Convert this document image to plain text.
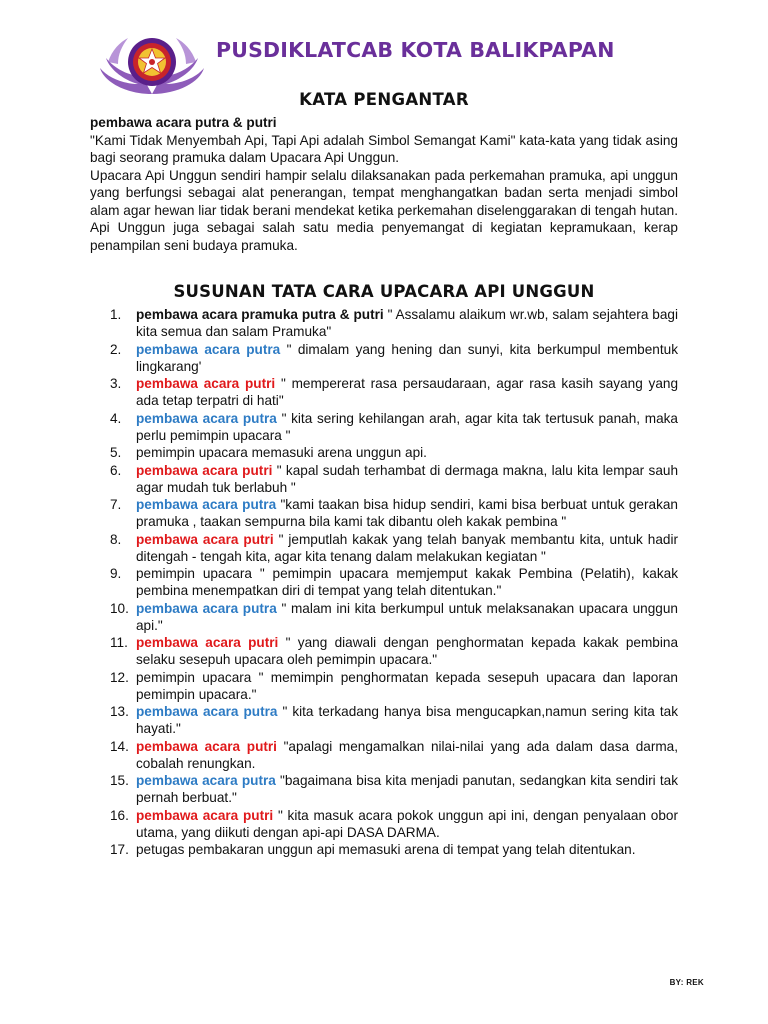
PUSDIKLATCAB KOTA BALIKPAPAN
KATA PENGANTAR

pembawa acara putra & putri

"Kami Tidak Menyembah Api, Tapi Api adalah Simbol Semangat Kami" kata-kata yang tidak asing bagi seorang pramuka dalam Upacara Api Unggun.

Upacara Api Unggun sendiri hampir selalu dilaksanakan pada perkemahan pramuka, api unggun yang berfungsi sebagai alat penerangan, tempat menghangatkan badan serta menjadi simbol alam agar hewan liar tidak berani mendekat ketika perkemahan diselenggarakan di tengah hutan. Api Unggun juga sebagai salah satu media penyemangat di kegiatan kepramukaan, kerap penampilan seni budaya pramuka.

SUSUNAN TATA CARA UPACARA API UNGGUN
1. pembawa acara pramuka putra & putri " Assalamu alaikum wr.wb, salam sejahtera bagi kita semua dan salam Pramuka"
2. pembawa acara putra " dimalam yang hening dan sunyi, kita berkumpul membentuk lingkarang'
3. pembawa acara putri " mempererat rasa persaudaraan, agar rasa kasih sayang yang ada tetap terpatri di hati"
4. pembawa acara putra " kita sering kehilangan arah, agar kita tak tertusuk panah, maka perlu pemimpin upacara "
5. pemimpin upacara memasuki arena unggun api.
6. pembawa acara putri " kapal sudah terhambat di dermaga makna, lalu kita lempar sauh agar mudah tuk berlabuh "
7. pembawa acara putra "kami taakan bisa hidup sendiri, kami bisa berbuat untuk gerakan pramuka , taakan sempurna bila kami tak dibantu oleh kakak pembina "
8. pembawa acara putri " jemputlah kakak yang telah banyak membantu kita, untuk hadir ditengah - tengah kita, agar kita tenang dalam melakukan kegiatan "
9. pemimpin upacara " pemimpin upacara memjemput kakak Pembina (Pelatih), kakak pembina menempatkan diri di tempat yang telah ditentukan."
10. pembawa acara putra " malam ini kita berkumpul untuk melaksanakan upacara unggun api."
11. pembawa acara putri " yang diawali dengan penghormatan kepada kakak pembina selaku sesepuh upacara oleh pemimpin upacara."
12. pemimpin upacara " memimpin penghormatan kepada sesepuh upacara dan laporan pemimpin upacara."
13. pembawa acara putra " kita terkadang hanya bisa mengucapkan,namun sering kita tak hayati."
14. pembawa acara putri "apalagi mengamalkan nilai-nilai yang ada dalam dasa darma, cobalah renungkan.
15. pembawa acara putra "bagaimana bisa kita menjadi panutan, sedangkan kita sendiri tak pernah berbuat."
16. pembawa acara putri " kita masuk acara pokok unggun api ini, dengan penyalaan obor utama, yang diikuti dengan api-api DASA DARMA.
17. petugas pembakaran unggun api memasuki arena di tempat yang telah ditentukan.
BY: REK
